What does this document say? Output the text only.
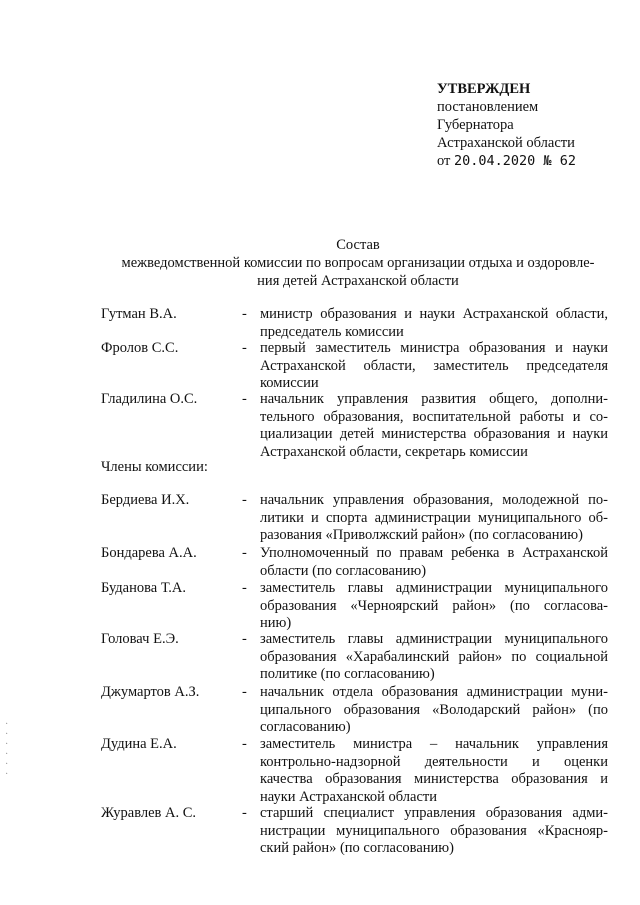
УТВЕРЖДЕН
постановлением
Губернатора
Астраханской области
от 20.04.2020 № 62
Состав
межведомственной комиссии по вопросам организации отдыха и оздоровле-
ния детей Астраханской области
Гутман В.А.	- министр образования и науки Астраханской области,
председатель комиссии
Фролов С.С.	- первый заместитель министра образования и науки
Астраханской области, заместитель председателя
комиссии
Гладилина О.С.	- начальник управления развития общего, дополни-
тельного образования, воспитательной работы и со-
циализации детей министерства образования и науки
Астраханской области, секретарь комиссии
Члены комиссии:
Бердиева И.Х.	- начальник управления образования, молодежной по-
литики и спорта администрации муниципального об-
разования «Приволжский район» (по согласованию)
Бондарева А.А.	- Уполномоченный по правам ребенка в Астраханской
области (по согласованию)
Буданова Т.А.	- заместитель главы администрации муниципального
образования «Черноярский район» (по согласова-
нию)
Головач Е.Э.	- заместитель главы администрации муниципального
образования «Харабалинский район» по социальной
политике (по согласованию)
Джумартов А.З.	- начальник отдела образования администрации муни-
ципального образования «Володарский район» (по
согласованию)
Дудина Е.А.	- заместитель министра – начальник управления
контрольно-надзорной деятельности и оценки
качества образования министерства образования и
науки Астраханской области
Журавлев А. С.	- старший специалист управления образования адми-
нистрации муниципального образования «Краснояр-
ский район» (по согласованию)
·
·
·
·
·
·
